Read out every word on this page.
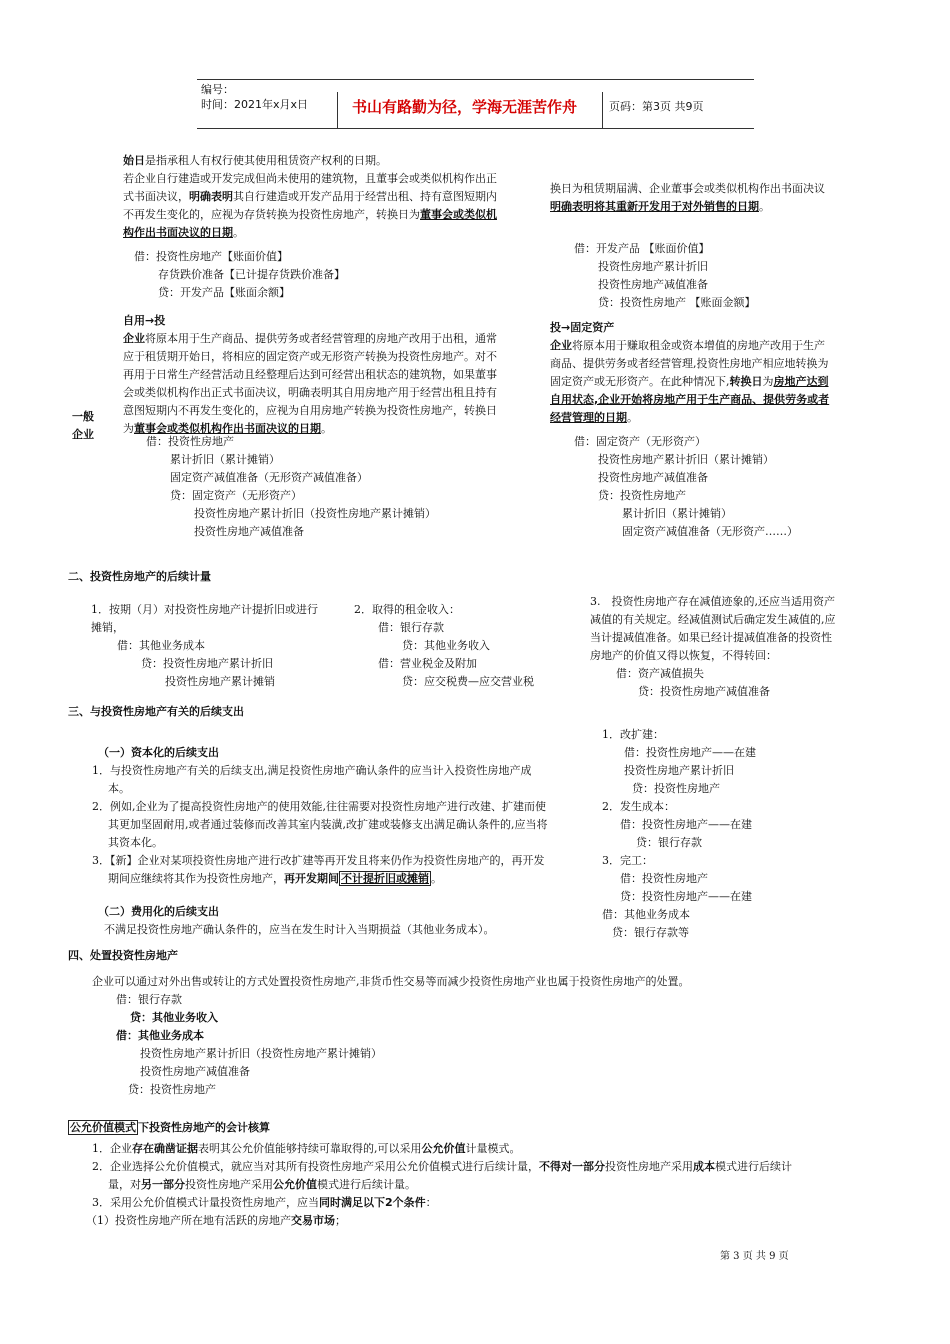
编号：
时间：2021年x月x日	书山有路勤为径，学海无涯苦作舟	页码：第3页 共9页
始日是指承租人有权行使其使用租赁资产权利的日期。
若企业自行建造或开发完成但尚未使用的建筑物，且董事会或类似机构作出正
式书面决议，明确表明其自行建造或开发产品用于经营出租、持有意图短期内
不再发生变化的，应视为存货转换为投资性房地产，转换日为董事会或类似机
构作出书面决议的日期。
借：投资性房地产【账面价值】
存货跌价准备【已计提存货跌价准备】
贷：开发产品【账面余额】
换日为租赁期届满、企业董事会或类似机构作出书面决议
明确表明将其重新开发用于对外销售的日期。
借：开发产品 【账面价值】
投资性房地产累计折旧
投资性房地产减值准备
贷：投资性房地产 【账面金额】
一般
企业
自用→投
企业将原本用于生产商品、提供劳务或者经营管理的房地产改用于出租，通常
应于租赁期开始日，将相应的固定资产或无形资产转换为投资性房地产。对不
再用于日常生产经营活动且经整理后达到可经营出租状态的建筑物，如果董事
会或类似机构作出正式书面决议，明确表明其自用房地产用于经营出租且持有
意图短期内不再发生变化的，应视为自用房地产转换为投资性房地产，转换日
为董事会或类似机构作出书面决议的日期。
借：投资性房地产
累计折旧（累计摊销）
固定资产减值准备（无形资产减值准备）
贷：固定资产（无形资产）
投资性房地产累计折旧（投资性房地产累计摊销）
投资性房地产减值准备
投→固定资产
企业将原本用于赚取租金或资本增值的房地产改用于生产
商品、提供劳务或者经营管理,投资性房地产相应地转换为
固定资产或无形资产。在此种情况下,转换日为房地产达到
自用状态,企业开始将房地产用于生产商品、提供劳务或者
经营管理的日期。
借：固定资产（无形资产）
投资性房地产累计折旧（累计摊销）
投资性房地产减值准备
贷：投资性房地产
累计折旧（累计摊销）
固定资产减值准备（无形资产……）
二、投资性房地产的后续计量
1．按期（月）对投资性房地产计提折旧或进行
摊销，
借：其他业务成本
贷：投资性房地产累计折旧
投资性房地产累计摊销
2．取得的租金收入：
借：银行存款
贷：其他业务收入
借：营业税金及附加
贷：应交税费—应交营业税
3.　投资性房地产存在减值迹象的,还应当适用资产
减值的有关规定。经减值测试后确定发生减值的,应
当计提减值准备。如果已经计提减值准备的投资性
房地产的价值又得以恢复，不得转回：
借：资产减值损失
贷：投资性房地产减值准备
三、与投资性房地产有关的后续支出
（一）资本化的后续支出
1．与投资性房地产有关的后续支出,满足投资性房地产确认条件的应当计入投资性房地产成
本。
2．例如,企业为了提高投资性房地产的使用效能,往往需要对投资性房地产进行改建、扩建而使
其更加坚固耐用,或者通过装修而改善其室内装潢,改扩建或装修支出满足确认条件的,应当将
其资本化。
3．【新】企业对某项投资性房地产进行改扩建等再开发且将来仍作为投资性房地产的，再开发
期间应继续将其作为投资性房地产，再开发期间 不计提折旧或摊销 。
（二）费用化的后续支出
不满足投资性房地产确认条件的，应当在发生时计入当期损益（其他业务成本）。
1．改扩建：
借：投资性房地产——在建
投资性房地产累计折旧
贷：投资性房地产
2．发生成本：
借：投资性房地产——在建
贷：银行存款
3．完工：
借：投资性房地产
贷：投资性房地产——在建
借：其他业务成本
贷：银行存款等
四、处置投资性房地产
企业可以通过对外出售或转让的方式处置投资性房地产,非货币性交易等而减少投资性房地产业也属于投资性房地产的处置。
借：银行存款
贷：其他业务收入
借：其他业务成本
投资性房地产累计折旧（投资性房地产累计摊销）
投资性房地产减值准备
贷：投资性房地产
公允价值模式 下投资性房地产的会计核算
1．企业存在确凿证据表明其公允价值能够持续可靠取得的,可以采用公允价值计量模式。
2．企业选择公允价值模式，就应当对其所有投资性房地产采用公允价值模式进行后续计量，不得对一部分投资性房地产采用成本模式进行后续计
量，对另一部分投资性房地产采用公允价值模式进行后续计量。
3．采用公允价值模式计量投资性房地产，应当同时满足以下2个条件：
（1）投资性房地产所在地有活跃的房地产交易市场；
第 3 页 共 9 页
